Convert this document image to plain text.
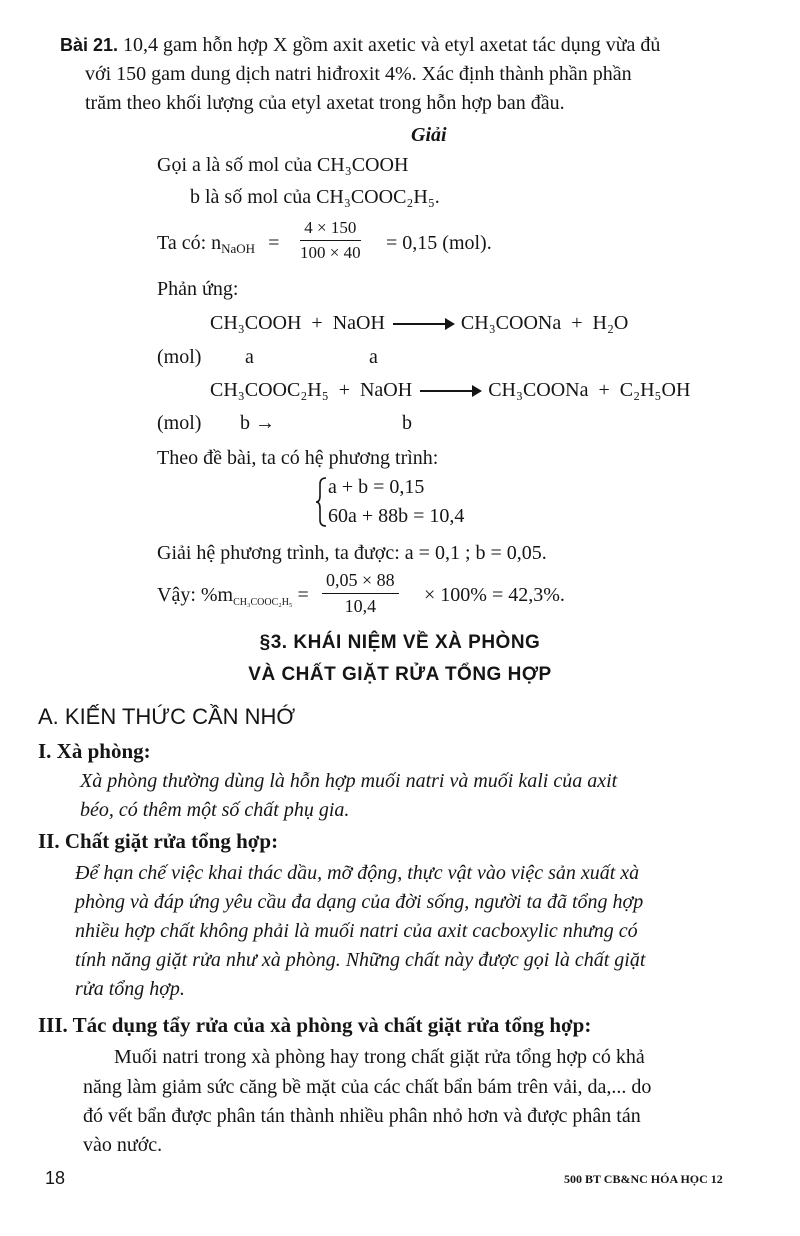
Bài 21. 10,4 gam hỗn hợp X gồm axit axetic và etyl axetat tác dụng vừa đủ
với 150 gam dung dịch natri hiđroxit 4%. Xác định thành phần phần
trăm theo khối lượng của etyl axetat trong hỗn hợp ban đầu.
Giải
Gọi a là số mol của CH₃COOH
b là số mol của CH₃COOC₂H₅.
Ta có: $n_{NaOH} = \frac{4 \times 150}{100 \times 40} = 0,15$ (mol).
Phản ứng:
CH₃COOH  +  NaOH → CH₃COONa  +  H₂O
(mol) a	a
CH₃COOC₂H₅  +  NaOH → CH₃COONa  +  C₂H₅OH
(mol) b →	b
Theo đề bài, ta có hệ phương trình:
a + b = 0,15
60a + 88b = 10,4
Giải hệ phương trình, ta được: a = 0,1 ; b = 0,05.
Vậy: $\%m_{CH_3COOC_2H_5} = \frac{0,05 \times 88}{10,4} \times 100\% = 42,3\%$.
§3. KHÁI NIỆM VỀ XÀ PHÒNG
VÀ CHẤT GIẶT RỬA TỔNG HỢP
A. KIẾN THỨC CẦN NHỚ
I. Xà phòng:
Xà phòng thường dùng là hỗn hợp muối natri và muối kali của axit
béo, có thêm một số chất phụ gia.
II. Chất giặt rửa tổng hợp:
Để hạn chế việc khai thác dầu, mỡ động, thực vật vào việc sản xuất xà
phòng và đáp ứng yêu cầu đa dạng của đời sống, người ta đã tổng hợp
nhiều hợp chất không phải là muối natri của axit cacboxylic nhưng có
tính năng giặt rửa như xà phòng. Những chất này được gọi là chất giặt
rửa tổng hợp.
III. Tác dụng tẩy rửa của xà phòng và chất giặt rửa tổng hợp:
Muối natri trong xà phòng hay trong chất giặt rửa tổng hợp có khả
năng làm giảm sức căng bề mặt của các chất bẩn bám trên vải, da,... do
đó vết bẩn được phân tán thành nhiều phân nhỏ hơn và được phân tán
vào nước.
18	500 BT CB&NC HÓA HỌC 12
